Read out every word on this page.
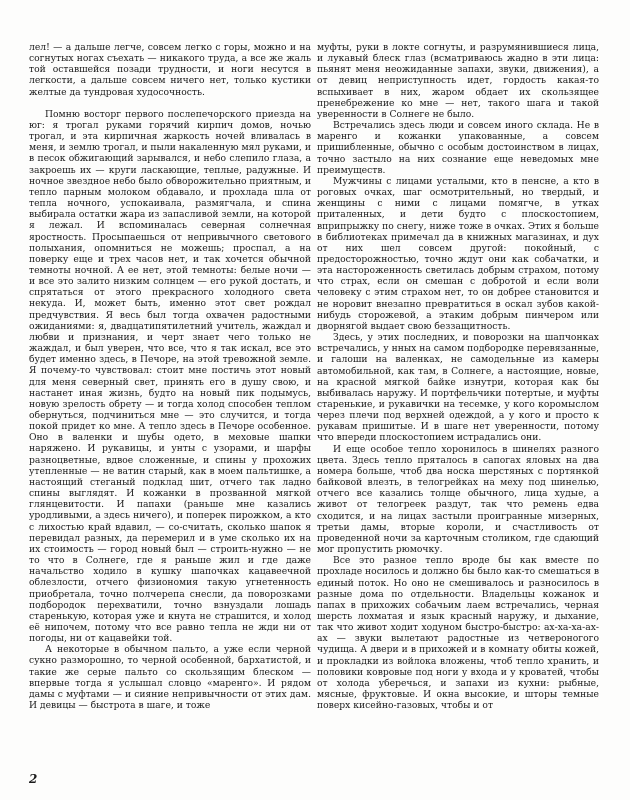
лел! — а дальше легче, совсем легко с горы, можно и на согнутых ногах съехать — никакого труда, а все же жаль той оставшейся позади трудности, и ноги несутся в легкости, а дальше совсем ничего нет, только кустики желтые да тундровая худосочность.

Помню восторг первого послепечорского приезда на юг: я трогал руками горячий кирпич домов, ночью трогал, и эта кирпичная жаркость ночей вливалась в меня, и землю трогал, и пыли накаленную мял руками, и в песок обжигающий зарывался, и небо слепило глаза, а закроешь их — круги ласкающие, теплые, радужные. И ночное звездное небо было обворожительно приятным, и тепло парным молоком обдавало, и прохлада шла от тепла ночного, успокаивала, размягчала, и спина выбирала остатки жара из запасливой земли, на которой я лежал. И вспоминалась северная солнечная яростность. Просыпаешься от непривычного светового полыхания, опомниться не можешь; проспал, а на поверку еще и трех часов нет, и так хочется обычной темноты ночной. А ее нет, этой темноты: белые ночи — и все это залито низким солнцем — его рукой достать, и спрятаться от этого прекрасного холодного света некуда. И, может быть, именно этот свет рождал предчувствия. Я весь был тогда охвачен радостными ожиданиями: я, двадцатипятилетний учитель, жаждал и любви и признания, и черт знает чего только не жаждал, и был уверен, что все, что я так искал, все это будет именно здесь, в Печоре, на этой тревожной земле. Я почему-то чувствовал: стоит мне постичь этот новый для меня северный свет, принять его в душу свою, и настанет иная жизнь, будто на новый пик подымусь, новую зрелость обрету — и тогда холод способен теплом обернуться, подчиниться мне — это случится, и тогда покой придет ко мне. А тепло здесь в Печоре особенное. Оно в валенки и шубы одето, в меховые шапки наряжено. И рукавицы, и унты с узорами, и шарфы разноцветные, вдвое сложенные, и спины у прохожих утепленные — не ватин старый, как в моем пальтишке, а настоящий стеганый подклад шит, отчего так ладно спины выглядят. И кожанки в прозванной мягкой глянцевитости. И папахи (раньше мне казались уродливыми, а здесь ничего), и поперек пирожком, а кто с лихостью край вдавил, — со-считать, сколько шапок я перевидал разных, да перемерил и в уме сколько их на их стоимость — город новый был — строить-нужно — не то что в Солнеге, где я раньше жил и где даже начальство ходило в кушку шапочках кацавеечной облезлости, отчего физиономия такую угнетенность приобретала, точно полчерепа снесли, да поворозками подбородок перехватили, точно взнуздали лошадь старенькую, которая уже и кнута не страшится, и холод её нипочем, потому что все равно тепла не жди ни от погоды, ни от кацавейки той.

А некоторые в обычном пальто, а уже если черной сукно разморошно, то черной особенной, бархатистой, и такие же серые пальто со скользящим блеском — впервые тогда я услышал словцо «маренго». И рядом дамы с муфтами — и сияние непривычности от этих дам. И девицы — быстрота в шаге, и тоже

муфты, руки в локте согнуты, и разрумянившиеся лица, и лукавый блеск глаз (всматриваюсь жадно в эти лица: пьянят меня неожиданные запахи, звуки, движения), а от девиц неприступность идет, гордость какая-то вспыхивает в них, жаром обдает их скользящее пренебрежение ко мне — нет, такого шага и такой уверенности в Солнеге не было.

Встречались здесь люди и совсем иного склада. Не в маренго и кожанки упакованные, а совсем пришибленные, обычно с особым достоинством в лицах, точно застыло на них сознание еще неведомых мне преимуществ.

Мужчины с лицами усталыми, кто в пенсне, а кто в роговых очках, шаг осмотрительный, но твердый, и женщины с ними с лицами помягче, в утках приталенных, и дети будто с плоскостопием, вприпрыжку по снегу, ниже тоже в очках. Этих я больше в библиотеках примечал да в книжных магазинах, и дух от них шел совсем другой: покойный, с предосторожностью, точно ждут они как собачатки, и эта настороженность светилась добрым страхом, потому что страх, если он смешан с добротой и если воли человеку с этим страхом нет, то он добрее становится и не норовит внезапно превратиться в оскал зубов какой-нибудь сторожевой, а этаким добрым пинчером или дворнягой выдает свою беззащитность.

Здесь, у этих последних, и поворозки на шапчонках встречались, у нных на самом подбородке перевязанные, и галоши на валенках, не самодельные из камеры автомобильной, как там, в Солнеге, а настоящие, новые, на красной мягкой байке изнутри, которая как бы выбивалась наружу. И портфельчики потертые, и муфты старенькие, и рукавички на тесемке, у кого коромыслом через плечи под верхней одеждой, а у кого и просто к рукавам пришитые. И в шаге нет уверенности, потому что впереди плоскостопием истрадались они.

И еще особое тепло хоронилось в шинелях разного цвета. Здесь тепло пряталось в сапогах яловых на два номера больше, чтоб два носка шерстяных с портянкой байковой влезть, в телогрейках на меху под шинелью, отчего все казались толще обычного, лица худые, а живот от телогреек раздут, так что ремень едва сходится, и на лицах застыли проигранные мизерных, третьи дамы, вторые короли, и счастливость от проведенной ночи за карточным столиком, где сдающий мог пропустить рюмочку.

Все это разное тепло вроде бы как вместе по прохладе носилось и должно бы было как-то смешаться в единый поток. Но оно не смешивалось и разносилось в разные дома по отдельности. Владельцы кожанок и папах в прихожих собачьим лаем встречались, черная шерсть лохматая и язык красный наружу, и дыхание, так что живот ходит ходуном быстро-быстро: ах-ха-ха-ах-ах — звуки вылетают радостные из четвероногого чудища. А двери и в прихожей и в комнату обиты кожей, и прокладки из войлока вложены, чтоб тепло хранить, и половики ковровые под ноги у входа и у кроватей, чтобы от холода уберечься, и запахи из кухни: рыбные, мясные, фруктовые. И окна высокие, и шторы темные поверх кисейно-газовых, чтобы и от

2
